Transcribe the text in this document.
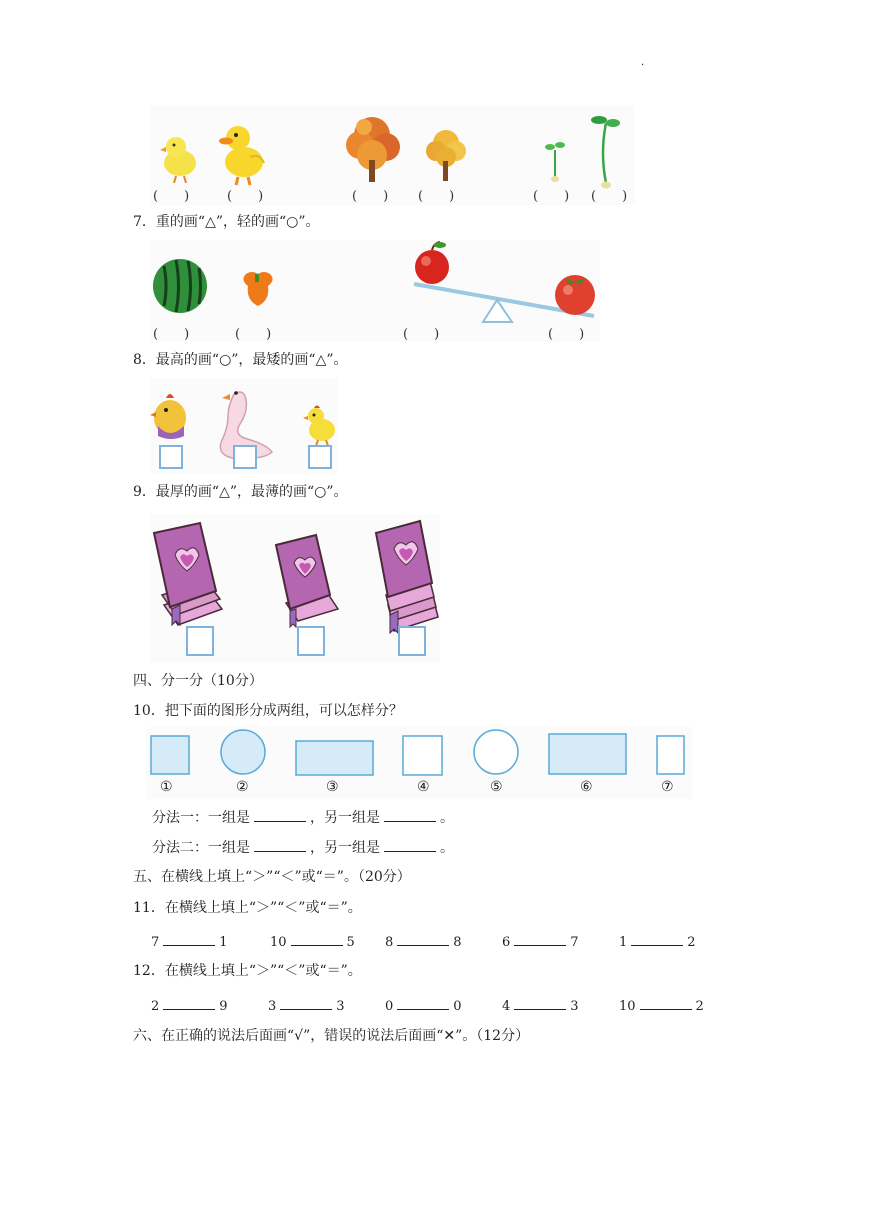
·
(　　)	(　　)	(　　) (　　)	(　　) (　　)
7．重的画“△”，轻的画“○”。
(　　)	(　　)	(　　)	(　　)
8．最高的画“○”，最矮的画“△”。
9．最厚的画“△”，最薄的画“○”。
四、分一分（10分）
10．把下面的图形分成两组，可以怎样分？
①	②	③	④	⑤	⑥	⑦
分法一：一组是	，另一组是	。
分法二：一组是	，另一组是	。
五、在横线上填上“＞”“＜”或“＝”。（20分）
11．在横线上填上“＞”“＜”或“＝”。
7	1	10	5 8	8	6	7	1	2
12．在横线上填上“＞”“＜”或“＝”。
2	9	3	3	0	0	4	3	10	2
六、在正确的说法后面画“√”，错误的说法后面画“✕”。（12分）
